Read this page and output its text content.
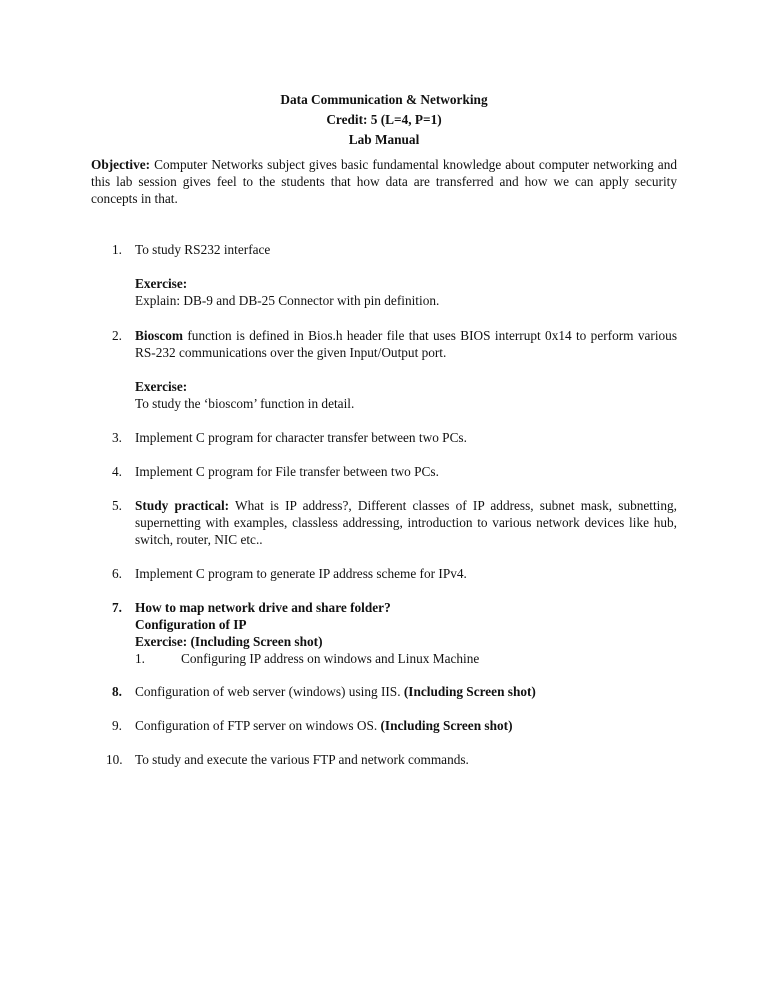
Data Communication & Networking
Credit: 5 (L=4, P=1)
Lab Manual

Objective: Computer Networks subject gives basic fundamental knowledge about computer networking and this lab session gives feel to the students that how data are transferred and how we can apply security concepts in that.

1. To study RS232 interface

Exercise:

Explain: DB-9 and DB-25 Connector with pin definition.

2. Bioscom function is defined in Bios.h header file that uses BIOS interrupt 0x14 to perform various RS-232 communications over the given Input/Output port.

Exercise:

To study the ‘bioscom’ function in detail.

3. Implement C program for character transfer between two PCs.

4. Implement C program for File transfer between two PCs.

5. Study practical: What is IP address?, Different classes of IP address, subnet mask, subnetting, supernetting with examples, classless addressing, introduction to various network devices like hub, switch, router, NIC etc..

6. Implement C program to generate IP address scheme for IPv4.

7. How to map network drive and share folder?

Configuration of IP

Exercise: (Including Screen shot)

1.	Configuring IP address on windows and Linux Machine

8. Configuration of web server (windows) using IIS. (Including Screen shot)

9. Configuration of FTP server on windows OS. (Including Screen shot)

10. To study and execute the various FTP and network commands.
